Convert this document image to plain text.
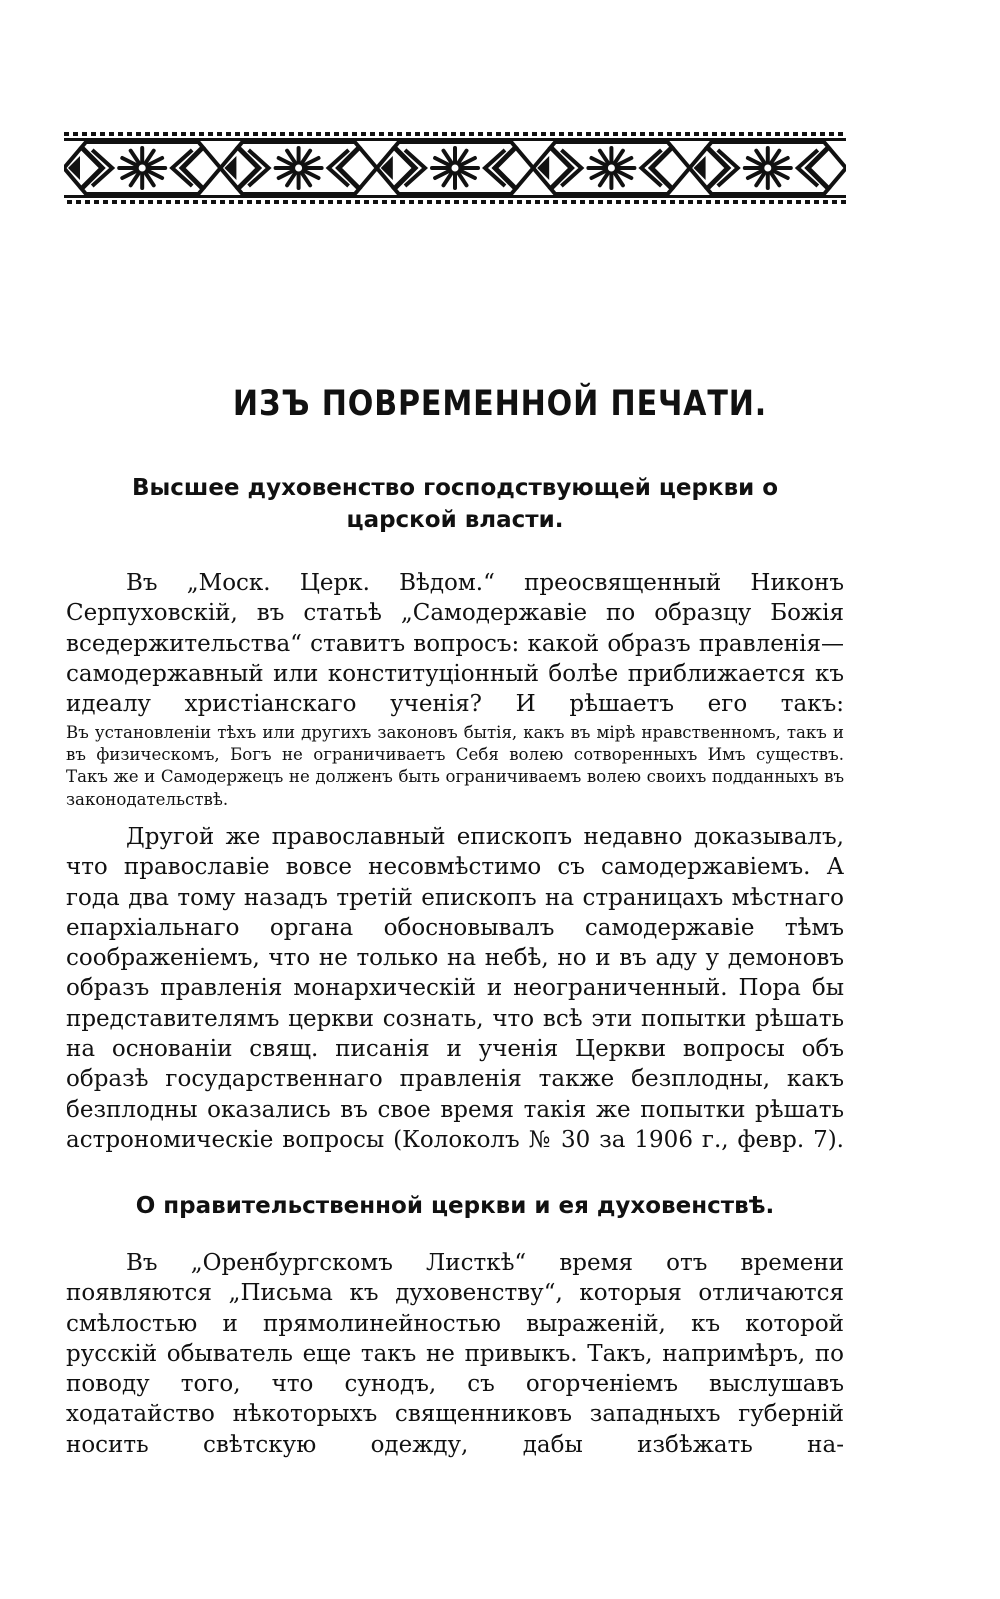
ИЗЪ ПОВРЕМЕННОЙ ПЕЧАТИ.
Высшее духовенство господствующей церкви о царской власти.

Въ „Моск. Церк. Вѣдом.“ преосвященный Никонъ Серпуховскій, въ статьѣ „Самодержавіе по образцу Божія вседержительства“ ставитъ вопросъ: какой образъ правленія—самодержавный или конституціонный болѣе приближается къ идеалу христіанскаго ученія? И рѣшаетъ его такъ:

Въ установленіи тѣхъ или другихъ законовъ бытія, какъ въ мірѣ нравственномъ, такъ и въ физическомъ, Богъ не ограничиваетъ Себя волею сотворенныхъ Имъ существъ. Такъ же и Самодержецъ не долженъ быть ограничиваемъ волею своихъ подданныхъ въ законодательствѣ.

Другой же православный епископъ недавно доказывалъ, что православіе вовсе несовмѣстимо съ самодержавіемъ. А года два тому назадъ третій епископъ на страницахъ мѣстнаго епархіальнаго органа обосновывалъ самодержавіе тѣмъ соображеніемъ, что не только на небѣ, но и въ аду у демоновъ образъ правленія монархическій и неограниченный. Пора бы представителямъ церкви сознать, что всѣ эти попытки рѣшать на основаніи свящ. писанія и ученія Церкви вопросы объ образѣ государственнаго правленія также безплодны, какъ безплодны оказались въ свое время такія же попытки рѣшать астрономическіе вопросы (Колоколъ № 30 за 1906 г., февр. 7).

О правительственной церкви и ея духовенствѣ.

Въ „Оренбургскомъ Листкѣ“ время отъ времени появляются „Письма къ духовенству“, которыя отличаются смѣлостью и прямолинейностью выраженій, къ которой русскій обыватель еще такъ не привыкъ. Такъ, напримѣръ, по поводу того, что сунодъ, съ огорченіемъ выслушавъ ходатайство нѣкоторыхъ священниковъ западныхъ губерній носить свѣтскую одежду, дабы избѣжать на-
